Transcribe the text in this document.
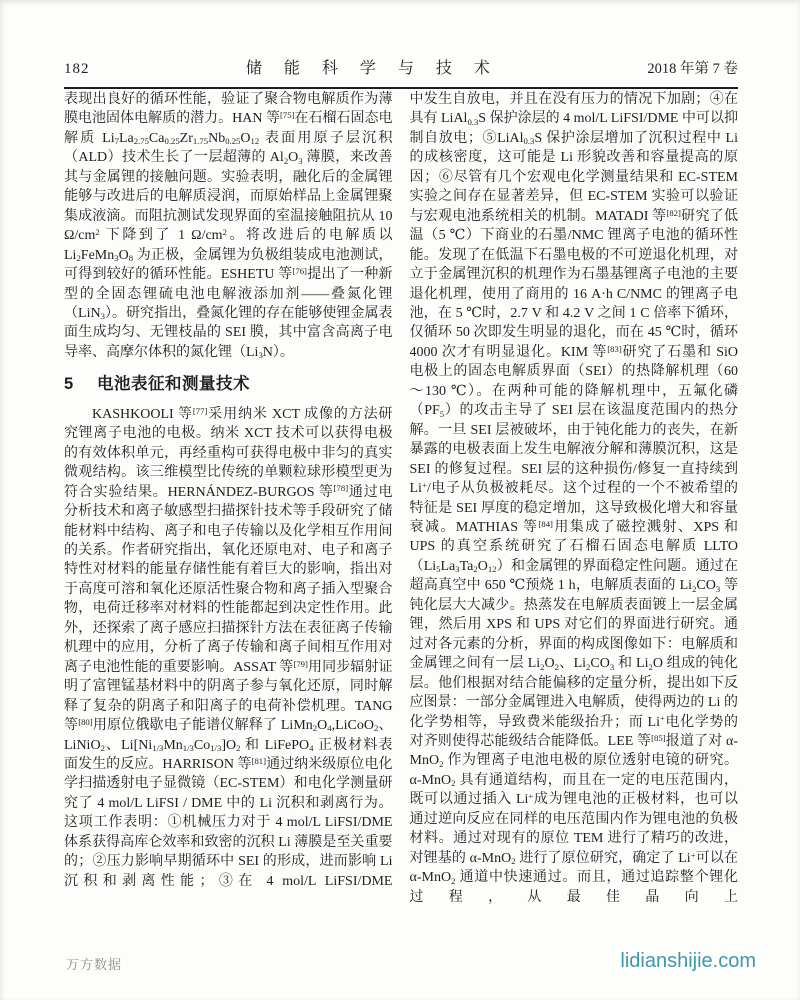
182	储 能 科 学 与 技 术	2018 年第 7 卷

表现出良好的循环性能，验证了聚合物电解质作为薄膜电池固体电解质的潜力。HAN 等[75]在石榴石固态电解质 $Li_7La_{2.75}Ca_{0.25}Zr_{1.75}Nb_{0.25}O_{12}$ 表面用原子层沉积（ALD）技术生长了一层超薄的 $Al_2O_3$ 薄膜，来改善其与金属锂的接触问题。实验表明，融化后的金属锂能够与改进后的电解质浸润，而原始样品上金属锂聚集成液滴。而阻抗测试发现界面的室温接触阻抗从 10 $\Omega/cm^2$ 下降到了 1 $\Omega/cm^2$。将改进后的电解质以 $Li_2FeMn_3O_8$ 为正极，金属锂为负极组装成电池测试，可得到较好的循环性能。ESHETU 等[76]提出了一种新型的全固态锂硫电池电解液添加剂——叠氮化锂（LiN$_3$）。研究指出，叠氮化锂的存在能够使锂金属表面生成均匀、无锂枝晶的 SEI 膜，其中富含高离子电导率、高摩尔体积的氮化锂$(Li_3N)$。

5	电池表征和测量技术

KASHKOOLI 等[77]采用纳米 XCT 成像的方法研究锂离子电池的电极。纳米 XCT 技术可以获得电极的有效体积单元，再经重构可获得电极中非匀的真实微观结构。该三维模型比传统的单颗粒球形模型更为符合实验结果。HERNÁNDEZ-BURGOS 等[78]通过电分析技术和离子敏感型扫描探针技术等手段研究了储能材料中结构、离子和电子传输以及化学相互作用间的关系。作者研究指出，氧化还原电对、电子和离子特性对材料的能量存储性能有着巨大的影响，指出对于高度可溶和氧化还原活性聚合物和离子插入型聚合物，电荷迁移率对材料的性能都起到决定性作用。此外，还探索了离子感应扫描探针方法在表征离子传输机理中的应用，分析了离子传输和离子间相互作用对离子电池性能的重要影响。ASSAT 等[79]用同步辐射证明了富锂锰基材料中的阴离子参与氧化还原，同时解释了复杂的阴离子和阳离子的电荷补偿机理。TANG 等[80]用原位俄歇电子能谱仪解释了 $LiMn_2O_4,LiCoO_2$、LiNiO$_2$、$Li[Ni_{1/3}Mn_{1/3}Co_{1/3}]O_2$ 和 LiFePO$_4$ 正极材料表面发生的反应。HARRISON 等[81]通过纳米级原位电化学扫描透射电子显微镜（EC-STEM）和电化学测量研究了 4 mol/L LiFSI / DME 中的 Li 沉积和剥离行为。这项工作表明：①机械压力对于 4 mol/L LiFSI/DME 体系获得高库仑效率和致密的沉积 Li 薄膜是至关重要的；②压力影响早期循环中 SEI 的形成，进而影响 Li 沉积和剥离性能；③在 4 mol/L LiFSI/DME

中发生自放电，并且在没有压力的情况下加剧；④在具有 LiAl$_{0.3}$S 保护涂层的 4 mol/L LiFSI/DME 中可以抑制自放电；⑤LiAl$_{0.3}$S 保护涂层增加了沉积过程中 Li 的成核密度，这可能是 Li 形貌改善和容量提高的原因；⑥尽管有几个宏观电化学测量结果和 EC-STEM 实验之间存在显著差异，但 EC-STEM 实验可以验证与宏观电池系统相关的机制。MATADI 等[82]研究了低温（5 ℃）下商业的石墨/NMC 锂离子电池的循环性能。发现了在低温下石墨电极的不可逆退化机理，对立于金属锂沉积的机理作为石墨基锂离子电池的主要退化机理，使用了商用的 16 A·h C/NMC 的锂离子电池，在 5 ℃时，2.7 V 和 4.2 V 之间 1 C 倍率下循环，仅循环 50 次即发生明显的退化，而在 45 ℃时，循环 4000 次才有明显退化。KIM 等[83]研究了石墨和 SiO 电极上的固态电解质界面（SEI）的热降解机理（60～130 ℃）。在两种可能的降解机理中，五氟化磷$(PF_5)$的攻击主导了 SEI 层在该温度范围内的热分解。一旦 SEI 层被破坏，由于钝化能力的丧失，在新暴露的电极表面上发生电解液分解和薄膜沉积，这是 SEI 的修复过程。SEI 层的这种损伤/修复一直持续到 Li+/电子从负极被耗尽。这个过程的一个不被希望的特征是 SEI 厚度的稳定增加，这导致极化增大和容量衰减。MATHIAS 等[84]用集成了磁控溅射、XPS 和 UPS 的真空系统研究了石榴石固态电解质 $LLTO(Li_5La_3Ta_2O_{12})$和金属锂的界面稳定性问题。通过在超高真空中 650 ℃预烧 1 h，电解质表面的 $Li_2CO_3$ 等钝化层大大减少。热蒸发在电解质表面镀上一层金属锂，然后用 XPS 和 UPS 对它们的界面进行研究。通过对各元素的分析，界面的构成图像如下：电解质和金属锂之间有一层 $Li_2O_2$、$Li_2CO_3$ 和 $Li_2O$ 组成的钝化层。他们根据对结合能偏移的定量分析，提出如下反应图景：一部分金属锂进入电解质，使得两边的 Li 的化学势相等，导致费米能级抬升；而 Li+电化学势的对齐则使得芯能级结合能降低。LEE 等[85]报道了对 α-MnO$_2$ 作为锂离子电池电极的原位透射电镜的研究。α-MnO$_2$ 具有通道结构，而且在一定的电压范围内，既可以通过插入 Li+成为锂电池的正极材料，也可以通过逆向反应在同样的电压范围内作为锂电池的负极材料。通过对现有的原位 TEM 进行了精巧的改进，对锂基的 α-MnO$_2$ 进行了原位研究，确定了 Li+可以在 α-MnO$_2$ 通道中快速通过。而且，通过追踪整个锂化过程，从最佳晶向上

万方数据	lidianshijie.com
